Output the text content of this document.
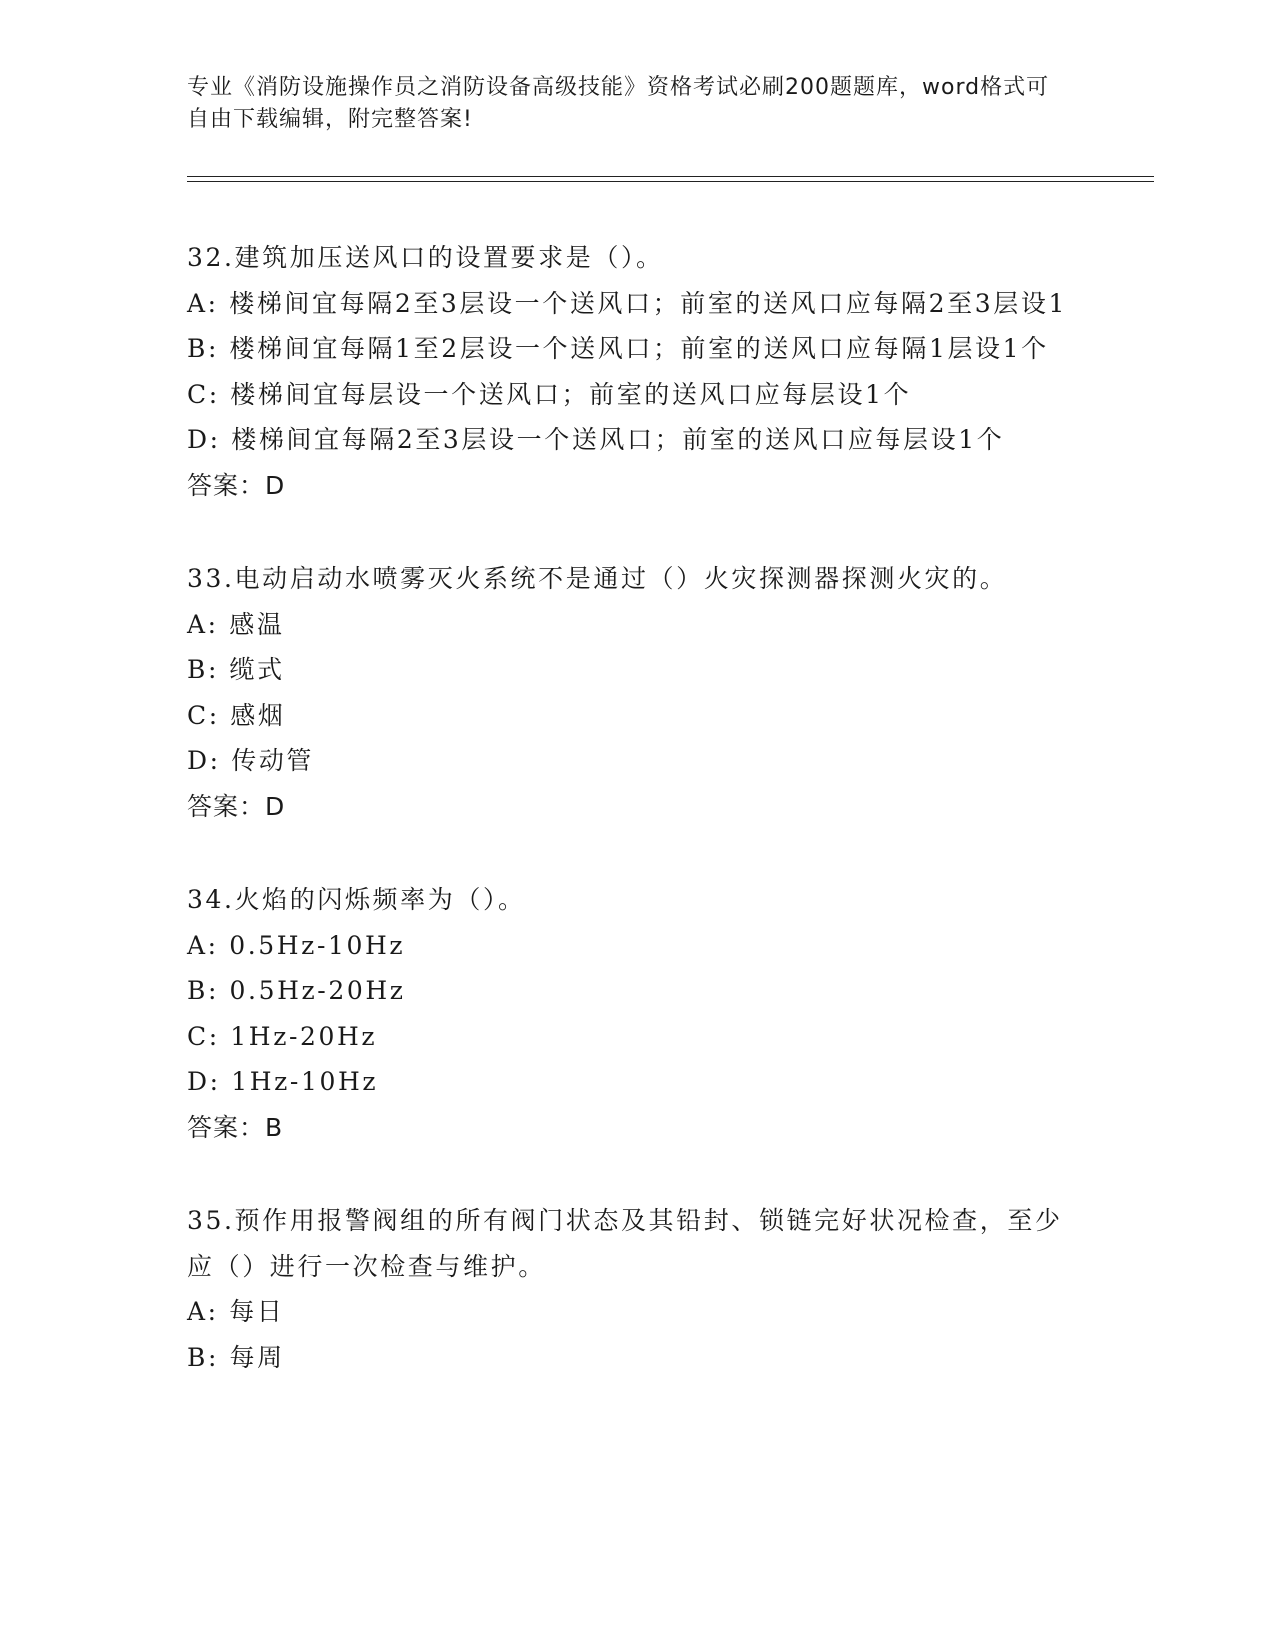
专业《消防设施操作员之消防设备高级技能》资格考试必刷200题题库，word格式可自由下载编辑，附完整答案!
32.建筑加压送风口的设置要求是（）。
A: 楼梯间宜每隔2至3层设一个送风口；前室的送风口应每隔2至3层设1
B: 楼梯间宜每隔1至2层设一个送风口；前室的送风口应每隔1层设1个
C: 楼梯间宜每层设一个送风口；前室的送风口应每层设1个
D: 楼梯间宜每隔2至3层设一个送风口；前室的送风口应每层设1个
答案：D
33.电动启动水喷雾灭火系统不是通过（）火灾探测器探测火灾的。
A: 感温
B: 缆式
C: 感烟
D: 传动管
答案：D
34.火焰的闪烁频率为（）。
A: 0.5Hz-10Hz
B: 0.5Hz-20Hz
C: 1Hz-20Hz
D: 1Hz-10Hz
答案：B
35.预作用报警阀组的所有阀门状态及其铅封、锁链完好状况检查，至少应（）进行一次检查与维护。
A: 每日
B: 每周
